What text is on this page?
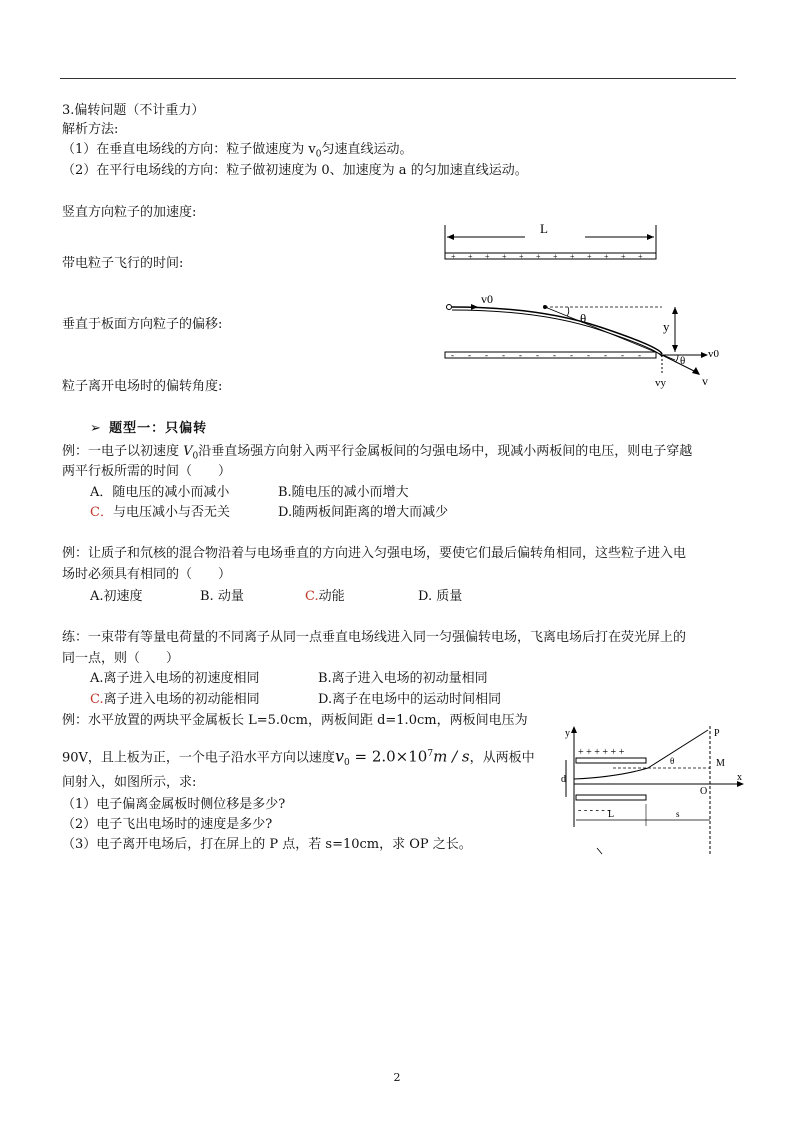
3.偏转问题（不计重力）
解析方法:
（1）在垂直电场线的方向：粒子做速度为 $v_0$匀速直线运动。
（2）在平行电场线的方向：粒子做初速度为 0、加速度为 a 的匀加速直线运动。
竖直方向粒子的加速度:
带电粒子飞行的时间:
垂直于板面方向粒子的偏移:
粒子离开电场时的偏转角度:
L
+ + + + + + + + + + + +
- - - - - - - - - - - -
v0
θ
y
v0
θ
vy	v
➢ 题型一：只偏转
例：一电子以初速度 $V_0$沿垂直场强方向射入两平行金属板间的匀强电场中，现减小两板间的电压，则电子穿越
两平行板所需的时间（　　）
A．随电压的减小而减小	B.随电压的减小而增大
C．与电压减小与否无关	D.随两板间距离的增大而减少
例：让质子和氘核的混合物沿着与电场垂直的方向进入匀强电场，要使它们最后偏转角相同，这些粒子进入电
场时必须具有相同的（　　）
A.初速度	B. 动量	C.动能	D. 质量
练：一束带有等量电荷量的不同离子从同一点垂直电场线进入同一匀强偏转电场，飞离电场后打在荧光屏上的
同一点，则（　　）
A.离子进入电场的初速度相同	B.离子进入电场的初动量相同
C.离子进入电场的初动能相同	D.离子在电场中的运动时间相同
例：水平放置的两块平金属板长 L=5.0cm，两板间距 d=1.0cm，两板间电压为
90V，且上板为正，一个电子沿水平方向以速度$v_0 = 2.0\times 10^7m / s$，从两板中
间射入，如图所示，求:
（1）电子偏离金属板时侧位移是多少?
（2）电子飞出电场时的速度是多少?
（3）电子离开电场后，打在屏上的 P 点，若 s=10cm，求 OP 之长。
y
x
+ + + + + +
- - - - - -
d
θ
P
M
O
L	s
2
